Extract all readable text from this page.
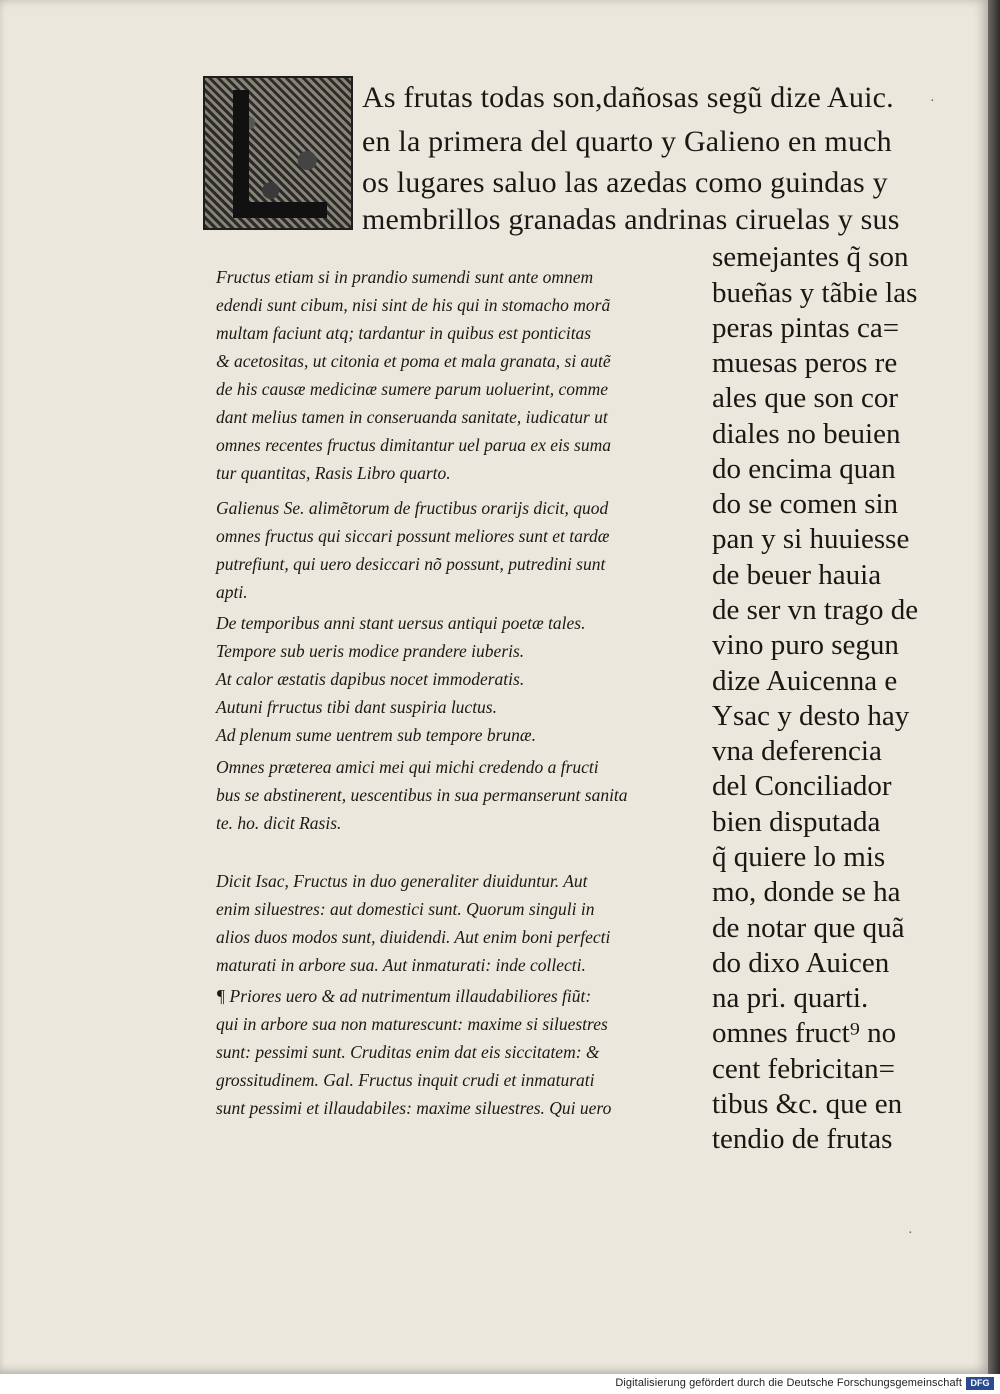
As frutas todas son,dañosas segũ dize Auic.
en la primera del quarto y Galieno en much
os lugares saluo las azedas como guindas y
membrillos granadas andrinas ciruelas y sus
semejantes q̃ son
bueñas y tãbie las
peras pintas ca=
muesas peros re
ales que son cor
diales no beuien
do encima quan
do se comen sin
pan y si huuiesse
de beuer hauia
de ser vn trago de
vino puro segun
dize Auicenna e
Ysac y desto hay
vna deferencia
del Conciliador
bien disputada
q̃ quiere lo mis
mo, donde se ha
de notar que quã
do dixo Auicen
na pri. quarti.
omnes fruct⁹ no
cent febricitan=
tibus &c. que en
tendio de frutas
Fructus etiam si in prandio sumendi sunt ante omnem
edendi sunt cibum, nisi sint de his qui in stomacho morã
multam faciunt atq; tardantur in quibus est ponticitas
& acetositas, ut citonia et poma et mala granata, si autẽ
de his causæ medicinæ sumere parum uoluerint, comme
dant melius tamen in conseruanda sanitate, iudicatur ut
omnes recentes fructus dimitantur uel parua ex eis suma
tur quantitas, Rasis Libro quarto.
Galienus Se. alimẽtorum de fructibus orarijs dicit, quod
omnes fructus qui siccari possunt meliores sunt et tardæ
putrefiunt, qui uero desiccari nõ possunt, putredini sunt
apti.
De temporibus anni stant uersus antiqui poetæ tales.
Tempore sub ueris modice prandere iuberis.
At calor æstatis dapibus nocet immoderatis.
Autuni frructus tibi dant suspiria luctus.
Ad plenum sume uentrem sub tempore brunæ.
Omnes præterea amici mei qui michi credendo a fructi
bus se abstinerent, uescentibus in sua permanserunt sanita
te. ho. dicit Rasis.
Dicit Isac, Fructus in duo generaliter diuiduntur. Aut
enim siluestres: aut domestici sunt. Quorum singuli in
alios duos modos sunt, diuidendi. Aut enim boni perfecti
maturati in arbore sua. Aut inmaturati: inde collecti.
¶ Priores uero & ad nutrimentum illaudabiliores fiũt:
qui in arbore sua non maturescunt: maxime si siluestres
sunt: pessimi sunt. Cruditas enim dat eis siccitatem: &
grossitudinem. Gal. Fructus inquit crudi et inmaturati
sunt pessimi et illaudabiles: maxime siluestres. Qui uero
·
·
Digitalisierung gefördert durch die Deutsche Forschungsgemeinschaft DFG
